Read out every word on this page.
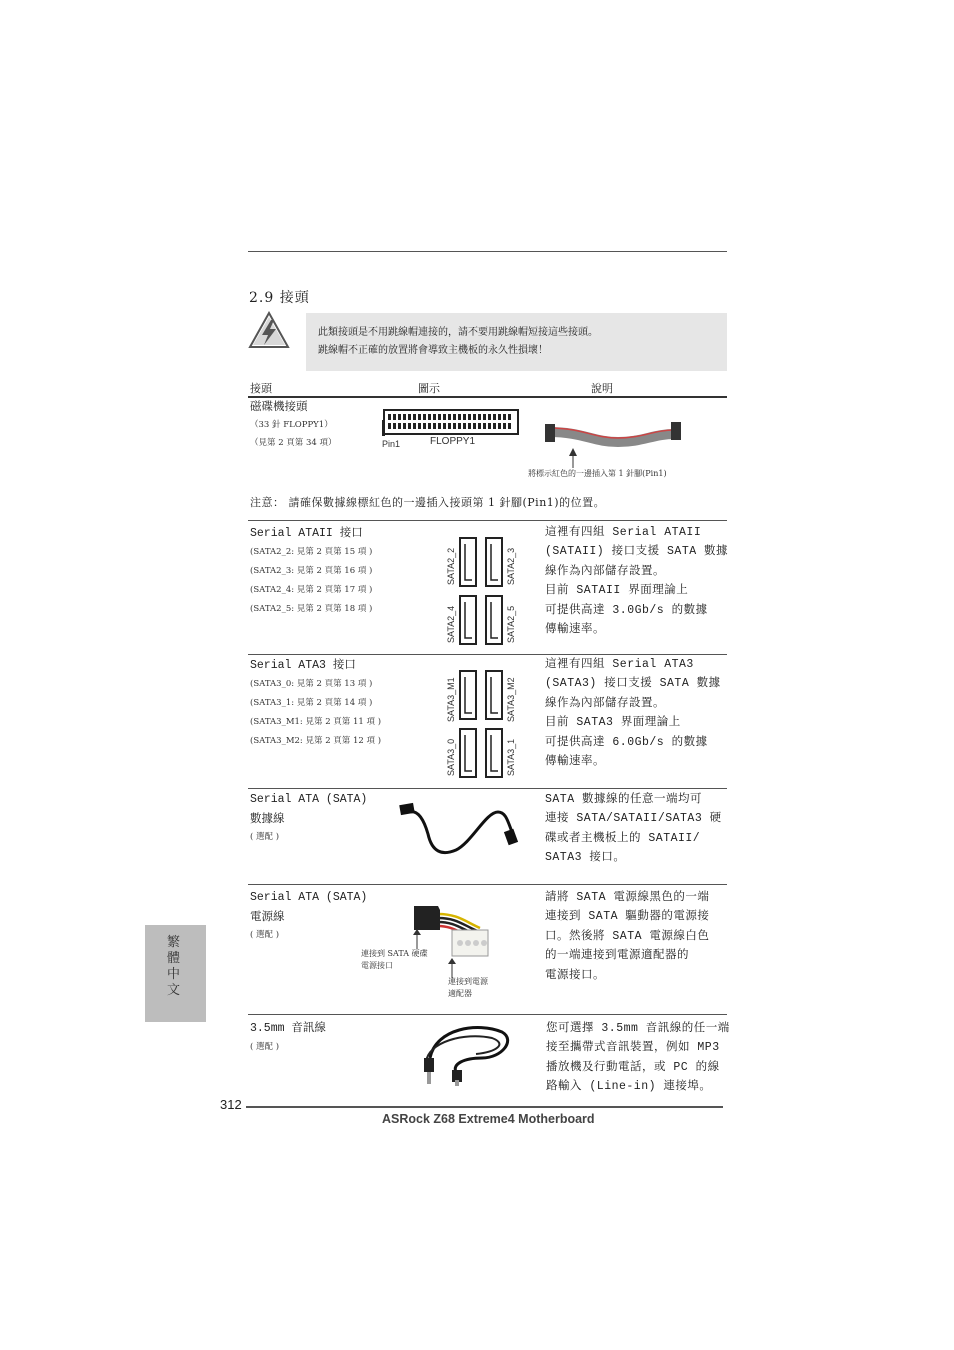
2.9 接頭
此類接頭是不用跳線帽連接的，請不要用跳線帽短接這些接頭。
跳線帽不正確的放置將會導致主機板的永久性損壞！
接頭	圖示	說明
磁碟機接頭
（33 針 FLOPPY1）
（見第 2 頁第 34 項）	Pin1	FLOPPY1
將標示紅色的一邊插入第 1 針腳(Pin1)
注意： 請確保數據線標紅色的一邊插入接頭第 1 針腳(Pin1)的位置。
Serial ATAII 接口
(SATA2_2: 見第 2 頁第 15 項 )
(SATA2_3: 見第 2 頁第 16 項 )
(SATA2_4: 見第 2 頁第 17 項 )
(SATA2_5: 見第 2 頁第 18 項 )
SATA2_2	SATA2_3
SATA2_4	SATA2_5
這裡有四組 Serial ATAII
(SATAII) 接口支援 SATA 數據
線作為內部儲存設置。
目前 SATAII 界面理論上
可提供高達 3.0Gb/s 的數據
傳輸速率。
Serial ATA3 接口
(SATA3_0: 見第 2 頁第 13 項 )
(SATA3_1: 見第 2 頁第 14 項 )
(SATA3_M1: 見第 2 頁第 11 項 )
(SATA3_M2: 見第 2 頁第 12 項 )
SATA3_M1	SATA3_M2
SATA3_0	SATA3_1
這裡有四組 Serial ATA3
(SATA3) 接口支援 SATA 數據
線作為內部儲存設置。
目前 SATA3 界面理論上
可提供高達 6.0Gb/s 的數據
傳輸速率。
Serial ATA (SATA)
數據線
( 選配 )
SATA 數據線的任意一端均可
連接 SATA/SATAII/SATA3 硬
碟或者主機板上的 SATAII/
SATA3 接口。
Serial ATA (SATA)
電源線
( 選配 )
連接到 SATA 硬碟
電源接口
連接到電源
適配器
請將 SATA 電源線黑色的一端
連接到 SATA 驅動器的電源接
口。然後將 SATA 電源線白色
的一端連接到電源適配器的
電源接口。
3.5mm 音訊線
( 選配 )
您可選擇 3.5mm 音訊線的任一端
接至攜帶式音訊裝置，例如 MP3
播放機及行動電話，或 PC 的線
路輸入 (Line-in) 連接埠。
繁
體
中
文
312
ASRock Z68 Extreme4 Motherboard
